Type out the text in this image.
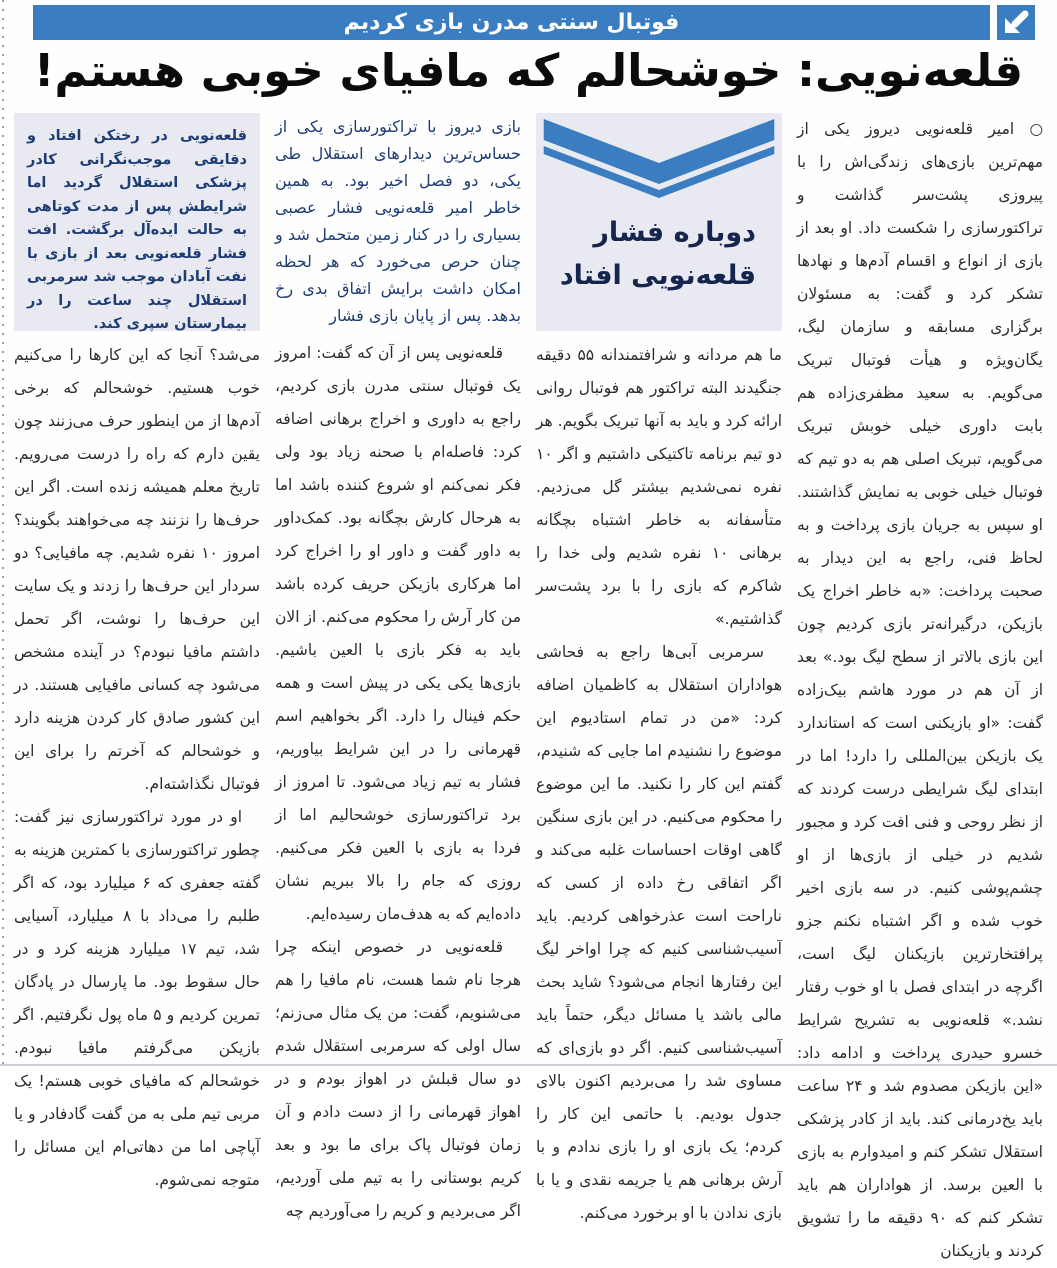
فوتبال سنتی مدرن بازی کردیم
قلعه‌نویی: خوشحالم که مافیای خوبی هستم!

○ امیر قلعه‌نویی دیروز یکی از مهم‌ترین بازی‌های زندگی‌اش را با پیروزی پشت‌سر گذاشت و تراکتورسازی را شکست داد. او بعد از بازی از انواع و اقسام آدم‌ها و نهادها تشکر کرد و گفت: به مسئولان برگزاری مسابقه و سازمان لیگ، یگان‌ویژه و هیأت فوتبال تبریک می‌گویم. به سعید مظفری‌زاده هم بابت داوری خیلی خوبش تبریک می‌گویم، تبریک اصلی هم به دو تیم که فوتبال خیلی خوبی به نمایش گذاشتند. او سپس به جریان بازی پرداخت و به لحاظ فنی، راجع به این دیدار به صحبت پرداخت: «به خاطر اخراج یک بازیکن، درگیرانه‌تر بازی کردیم چون این بازی بالاتر از سطح لیگ بود.» بعد از آن هم در مورد هاشم بیک‌زاده گفت: «او بازیکنی است که استاندارد یک بازیکن بین‌المللی را دارد! اما در ابتدای لیگ شرایطی درست کردند که از نظر روحی و فنی افت کرد و مجبور شدیم در خیلی از بازی‌ها از او چشم‌پوشی کنیم. در سه بازی اخیر خوب شده و اگر اشتباه نکنم جزو پرافتخارترین بازیکنان لیگ است، اگرچه در ابتدای فصل با او خوب رفتار نشد.» قلعه‌نویی به تشریح شرایط خسرو حیدری پرداخت و ادامه داد: «این بازیکن مصدوم شد و ۲۴ ساعت باید یخ‌درمانی کند. باید از کادر پزشکی استقلال تشکر کنم و امیدوارم به بازی با العین برسد. از هواداران هم باید تشکر کنم که ۹۰ دقیقه ما را تشویق کردند و بازیکنان

دوباره فشار
قلعه‌نویی افتاد

ما هم مردانه و شرافتمندانه ۵۵ دقیقه جنگیدند البته تراکتور هم فوتبال روانی ارائه کرد و باید به آنها تبریک بگویم. هر دو تیم برنامه تاکتیکی داشتیم و اگر ۱۰ نفره نمی‌شدیم بیشتر گل می‌زدیم. متأسفانه به خاطر اشتباه بچگانه برهانی ۱۰ نفره شدیم ولی خدا را شاکرم که بازی را با برد پشت‌سر گذاشتیم.»

سرمربی آبی‌ها راجع به فحاشی هواداران استقلال به کاظمیان اضافه کرد: «من در تمام استادیوم این موضوع را نشنیدم اما جایی که شنیدم، گفتم این کار را نکنید. ما این موضوع را محکوم می‌کنیم. در این بازی سنگین گاهی اوقات احساسات غلبه می‌کند و اگر اتفاقی رخ داده از کسی که ناراحت است عذرخواهی کردیم. باید آسیب‌شناسی کنیم که چرا اواخر لیگ این رفتارها انجام می‌شود؟ شاید بحث مالی باشد یا مسائل دیگر، حتماً باید آسیب‌شناسی کنیم. اگر دو بازی‌ای که مساوی شد را می‌بردیم اکنون بالای جدول بودیم. با حاتمی این کار را کردم؛ یک بازی او را بازی ندادم و با آرش برهانی هم یا جریمه نقدی و یا با بازی ندادن با او برخورد می‌کنم.

بازی دیروز با تراکتورسازی یکی از حساس‌ترین دیدارهای استقلال طی یکی، دو فصل اخیر بود. به همین خاطر امیر قلعه‌نویی فشار عصبی بسیاری را در کنار زمین متحمل شد و چنان حرص می‌خورد که هر لحظه امکان داشت برایش اتفاق بدی رخ بدهد. پس از پایان بازی فشار

قلعه‌نویی پس از آن که گفت: امروز یک فوتبال سنتی مدرن بازی کردیم، راجع به داوری و اخراج برهانی اضافه کرد: فاصله‌ام با صحنه زیاد بود ولی فکر نمی‌کنم او شروع کننده باشد اما به هرحال کارش بچگانه بود. کمک‌داور به داور گفت و داور او را اخراج کرد اما هرکاری بازیکن حریف کرده باشد من کار آرش را محکوم می‌کنم. از الان باید به فکر بازی با العین باشیم. بازی‌ها یکی یکی در پیش است و همه حکم فینال را دارد. اگر بخواهیم اسم قهرمانی را در این شرایط بیاوریم، فشار به تیم زیاد می‌شود. تا امروز از برد تراکتورسازی خوشحالیم اما از فردا به بازی با العین فکر می‌کنیم. روزی که جام را بالا ببریم نشان داده‌ایم که به هدف‌مان رسیده‌ایم.

قلعه‌نویی در خصوص اینکه چرا هرجا نام شما هست، نام مافیا را هم می‌شنویم، گفت: من یک مثال می‌زنم؛ سال اولی که سرمربی استقلال شدم دو سال قبلش در اهواز بودم و در اهواز قهرمانی را از دست دادم و آن زمان فوتبال پاک برای ما بود و بعد کریم بوستانی را به تیم ملی آوردیم، اگر می‌بردیم و کریم را می‌آوردیم چه

قلعه‌نویی در رختکن افتاد و دقایقی موجب‌نگرانی کادر پزشکی استقلال گردید اما شرایطش پس از مدت کوتاهی به حالت ایده‌آل برگشت. افت فشار قلعه‌نویی بعد از بازی با نفت آبادان موجب شد سرمربی استقلال چند ساعت را در بیمارستان سپری کند.

می‌شد؟ آنجا که این کارها را می‌کنیم خوب هستیم. خوشحالم که برخی آدم‌ها از من اینطور حرف می‌زنند چون یقین دارم که راه را درست می‌رویم. تاریخ معلم همیشه زنده است. اگر این حرف‌ها را نزنند چه می‌خواهند بگویند؟ امروز ۱۰ نفره شدیم. چه مافیایی؟ دو سردار این حرف‌ها را زدند و یک سایت این حرف‌ها را نوشت، اگر تحمل داشتم مافیا نبودم؟ در آینده مشخص می‌شود چه کسانی مافیایی هستند. در این کشور صادق کار کردن هزینه دارد و خوشحالم که آخرتم را برای این فوتبال نگذاشته‌ام.

او در مورد تراکتورسازی نیز گفت: چطور تراکتورسازی با کمترین هزینه به گفته جعفری که ۶ میلیارد بود، که اگر طلبم را می‌داد با ۸ میلیارد، آسیایی شد، تیم ۱۷ میلیارد هزینه کرد و در حال سقوط بود. ما پارسال در پادگان تمرین کردیم و ۵ ماه پول نگرفتیم. اگر بازیکن می‌گرفتم مافیا نبودم. خوشحالم که مافیای خوبی هستم! یک مربی تیم ملی به من گفت گادفادر و یا آپاچی اما من دهاتی‌ام این مسائل را متوجه نمی‌شوم.
